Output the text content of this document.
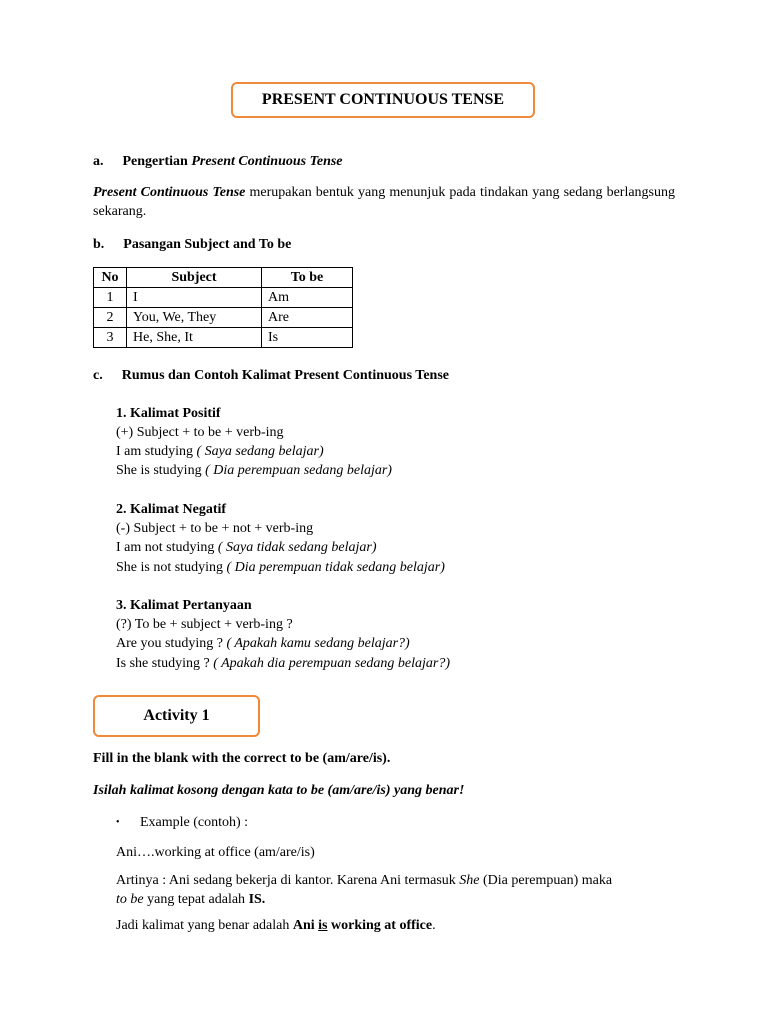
PRESENT CONTINUOUS TENSE
a. Pengertian Present Continuous Tense
Present Continuous Tense merupakan bentuk yang menunjuk pada tindakan yang sedang berlangsung sekarang.
b. Pasangan Subject and To be
No	Subject	To be
1	I	Am
2	You, We, They	Are
3	He, She, It	Is
c. Rumus dan Contoh Kalimat Present Continuous Tense
1. Kalimat Positif
(+) Subject + to be + verb-ing
I am studying ( Saya sedang belajar)
She is studying ( Dia perempuan sedang belajar)
2. Kalimat Negatif
(-) Subject + to be + not + verb-ing
I am not studying ( Saya tidak sedang belajar)
She is not studying ( Dia perempuan tidak sedang belajar)
3. Kalimat Pertanyaan
(?) To be + subject + verb-ing ?
Are you studying ? ( Apakah kamu sedang belajar?)
Is she studying ? ( Apakah dia perempuan sedang belajar?)
Activity 1
Fill in the blank with the correct to be (am/are/is).
Isilah kalimat kosong dengan kata to be (am/are/is) yang benar!
• Example (contoh) :
Ani….working at office (am/are/is)
Artinya : Ani sedang bekerja di kantor. Karena Ani termasuk She (Dia perempuan) maka
to be yang tepat adalah IS.
Jadi kalimat yang benar adalah Ani is working at office.
